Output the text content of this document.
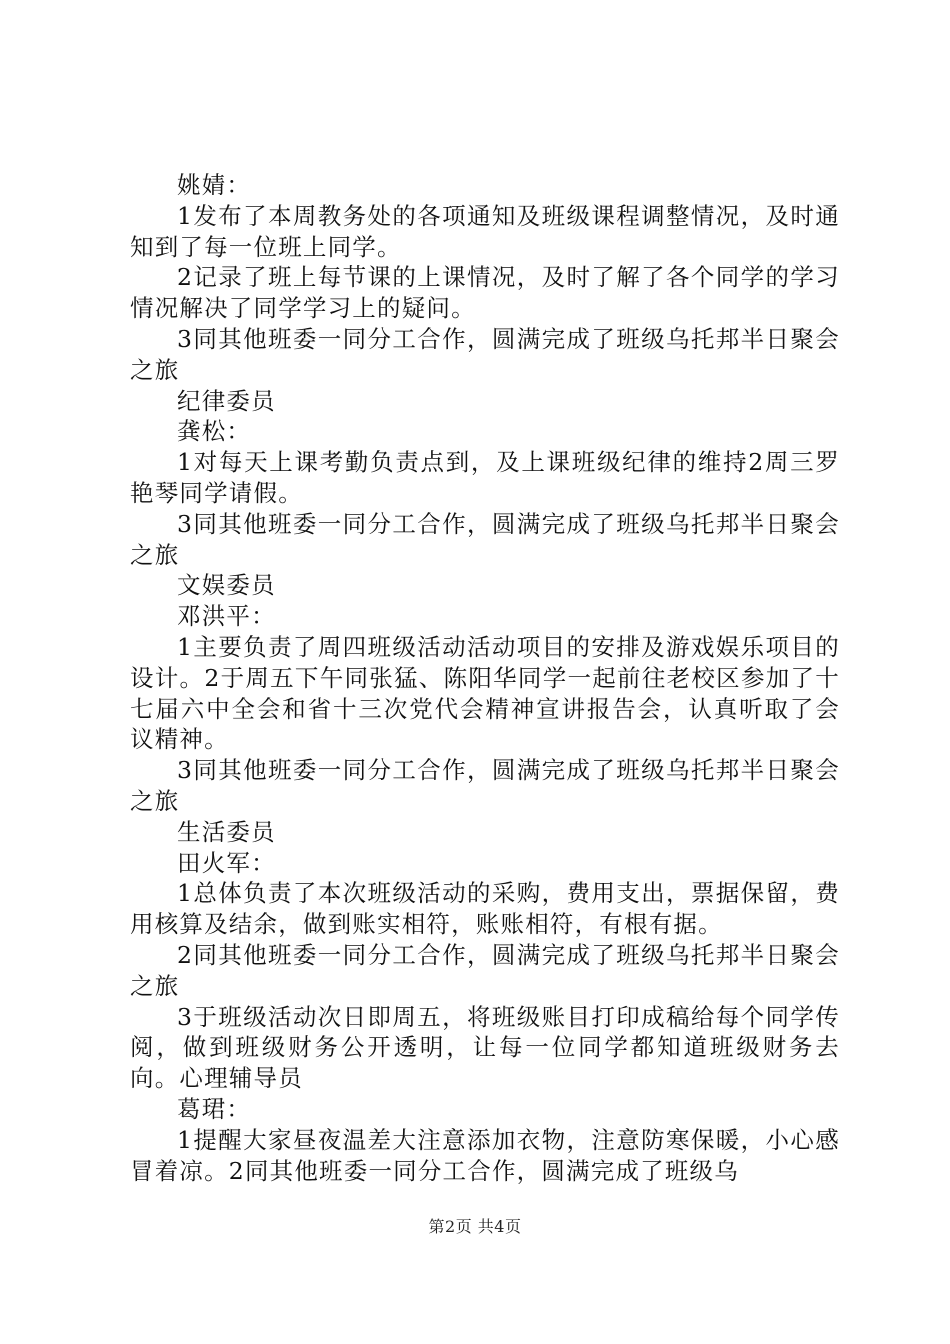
姚婧：

1发布了本周教务处的各项通知及班级课程调整情况，及时通知到了每一位班上同学。

2记录了班上每节课的上课情况，及时了解了各个同学的学习情况解决了同学学习上的疑问。

3同其他班委一同分工合作，圆满完成了班级乌托邦半日聚会之旅

纪律委员

龚松：

1对每天上课考勤负责点到，及上课班级纪律的维持2周三罗艳琴同学请假。

3同其他班委一同分工合作，圆满完成了班级乌托邦半日聚会之旅

文娱委员

邓洪平：

1主要负责了周四班级活动活动项目的安排及游戏娱乐项目的设计。2于周五下午同张猛、陈阳华同学一起前往老校区参加了十七届六中全会和省十三次党代会精神宣讲报告会，认真听取了会议精神。

3同其他班委一同分工合作，圆满完成了班级乌托邦半日聚会之旅

生活委员

田火军：

1总体负责了本次班级活动的采购，费用支出，票据保留，费用核算及结余，做到账实相符，账账相符，有根有据。

2同其他班委一同分工合作，圆满完成了班级乌托邦半日聚会之旅

3于班级活动次日即周五，将班级账目打印成稿给每个同学传阅，做到班级财务公开透明，让每一位同学都知道班级财务去向。心理辅导员

葛珺：

1提醒大家昼夜温差大注意添加衣物，注意防寒保暖，小心感冒着凉。2同其他班委一同分工合作，圆满完成了班级乌

第2页 共4页
